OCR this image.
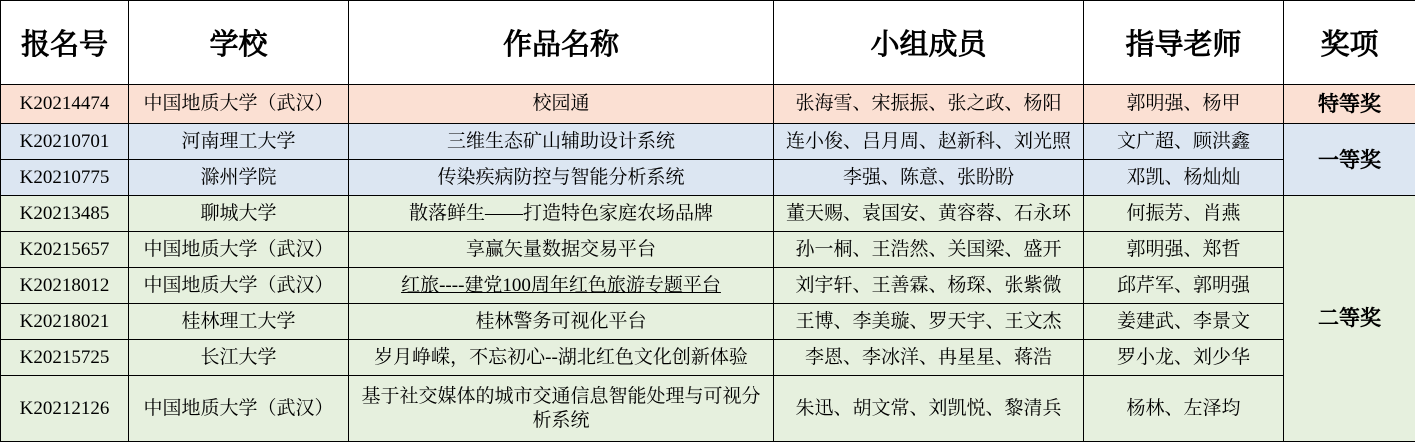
报名号	学校	作品名称	小组成员	指导老师	奖项
K20214474	中国地质大学（武汉）	校园通	张海雪、宋振振、张之政、杨阳	郭明强、杨甲	特等奖
K20210701	河南理工大学	三维生态矿山辅助设计系统	连小俊、吕月周、赵新科、刘光照	文广超、顾洪鑫	一等奖
K20210775	滁州学院	传染疾病防控与智能分析系统	李强、陈意、张盼盼	邓凯、杨灿灿	
K20213485	聊城大学	散落鲜生——打造特色家庭农场品牌	董天赐、袁国安、黄容蓉、石永环	何振芳、肖燕	二等奖
K20215657	中国地质大学（武汉）	享赢矢量数据交易平台	孙一桐、王浩然、关国梁、盛开	郭明强、郑哲	
K20218012	中国地质大学（武汉）	红旅----建党100周年红色旅游专题平台	刘宇轩、王善霖、杨琛、张紫微	邱芹军、郭明强	
K20218021	桂林理工大学	桂林警务可视化平台	王博、李美璇、罗天宇、王文杰	姜建武、李景文	
K20215725	长江大学	岁月峥嵘，不忘初心--湖北红色文化创新体验	李恩、李冰洋、冉星星、蒋浩	罗小龙、刘少华	
K20212126	中国地质大学（武汉）	基于社交媒体的城市交通信息智能处理与可视分析系统	朱迅、胡文常、刘凯悦、黎清兵	杨林、左泽均	
